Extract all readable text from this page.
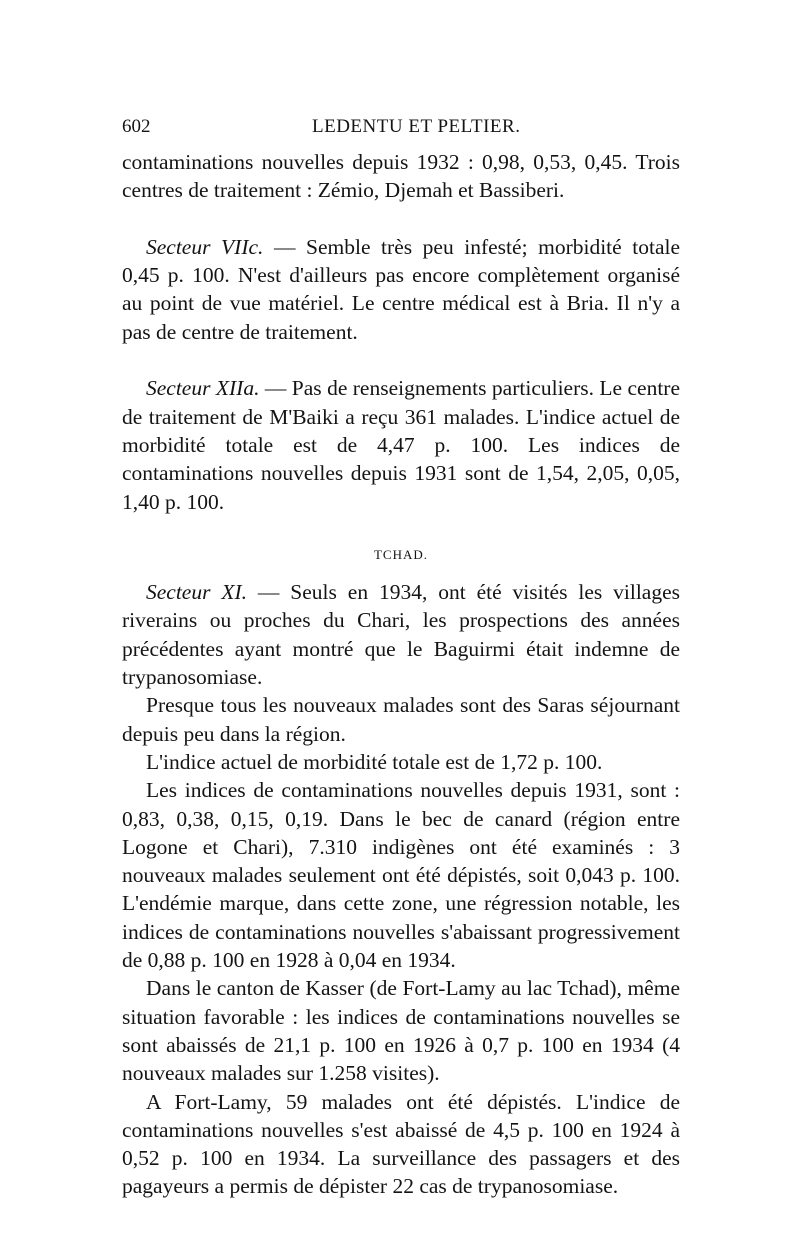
602	LEDENTU ET PELTIER.

contaminations nouvelles depuis 1932 : 0,98, 0,53, 0,45. Trois centres de traitement : Zémio, Djemah et Bassiberi.

Secteur VIIc. — Semble très peu infesté; morbidité totale 0,45 p. 100. N'est d'ailleurs pas encore complètement organisé au point de vue matériel. Le centre médical est à Bria. Il n'y a pas de centre de traitement.

Secteur XIIa. — Pas de renseignements particuliers. Le centre de traitement de M'Baiki a reçu 361 malades. L'indice actuel de morbidité totale est de 4,47 p. 100. Les indices de contaminations nouvelles depuis 1931 sont de 1,54, 2,05, 0,05, 1,40 p. 100.

TCHAD.

Secteur XI. — Seuls en 1934, ont été visités les villages riverains ou proches du Chari, les prospections des années précédentes ayant montré que le Baguirmi était indemne de trypanosomiase.

Presque tous les nouveaux malades sont des Saras séjournant depuis peu dans la région.

L'indice actuel de morbidité totale est de 1,72 p. 100.

Les indices de contaminations nouvelles depuis 1931, sont : 0,83, 0,38, 0,15, 0,19. Dans le bec de canard (région entre Logone et Chari), 7.310 indigènes ont été examinés : 3 nouveaux malades seulement ont été dépistés, soit 0,043 p. 100. L'endémie marque, dans cette zone, une régression notable, les indices de contaminations nouvelles s'abaissant progressivement de 0,88 p. 100 en 1928 à 0,04 en 1934.

Dans le canton de Kasser (de Fort-Lamy au lac Tchad), même situation favorable : les indices de contaminations nouvelles se sont abaissés de 21,1 p. 100 en 1926 à 0,7 p. 100 en 1934 (4 nouveaux malades sur 1.258 visites).

A Fort-Lamy, 59 malades ont été dépistés. L'indice de contaminations nouvelles s'est abaissé de 4,5 p. 100 en 1924 à 0,52 p. 100 en 1934. La surveillance des passagers et des pagayeurs a permis de dépister 22 cas de trypanosomiase.
